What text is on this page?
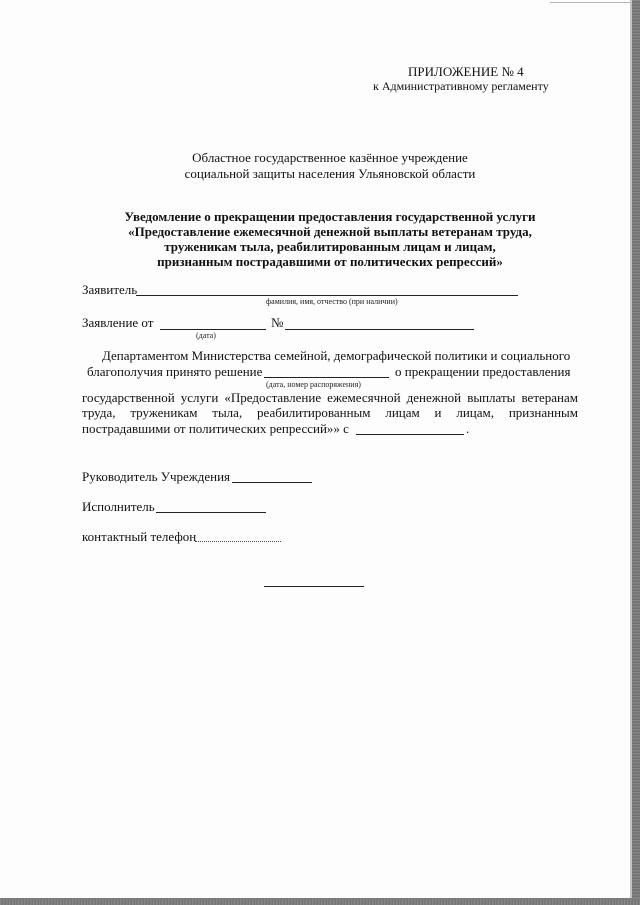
ПРИЛОЖЕНИЕ № 4
к Административному регламенту
Областное государственное казённое учреждение
социальной защиты населения Ульяновской области
Уведомление о прекращении предоставления государственной услуги
«Предоставление ежемесячной денежной выплаты ветеранам труда,
труженикам тыла, реабилитированным лицам и лицам,
признанным пострадавшими от политических репрессий»
Заявитель
фамилия, имя, отчество (при наличии)
Заявление от	№
(дата)
Департаментом Министерства семейной, демографической политики и социального
благополучия принято решение	о прекращении предоставления
(дата, номер распоряжения)
государственной услуги «Предоставление ежемесячной денежной выплаты ветеранам
труда, труженикам тыла, реабилитированным лицам и лицам, признанным
пострадавшими от политических репрессий»» с	.
Руководитель Учреждения
Исполнитель
контактный телефон
